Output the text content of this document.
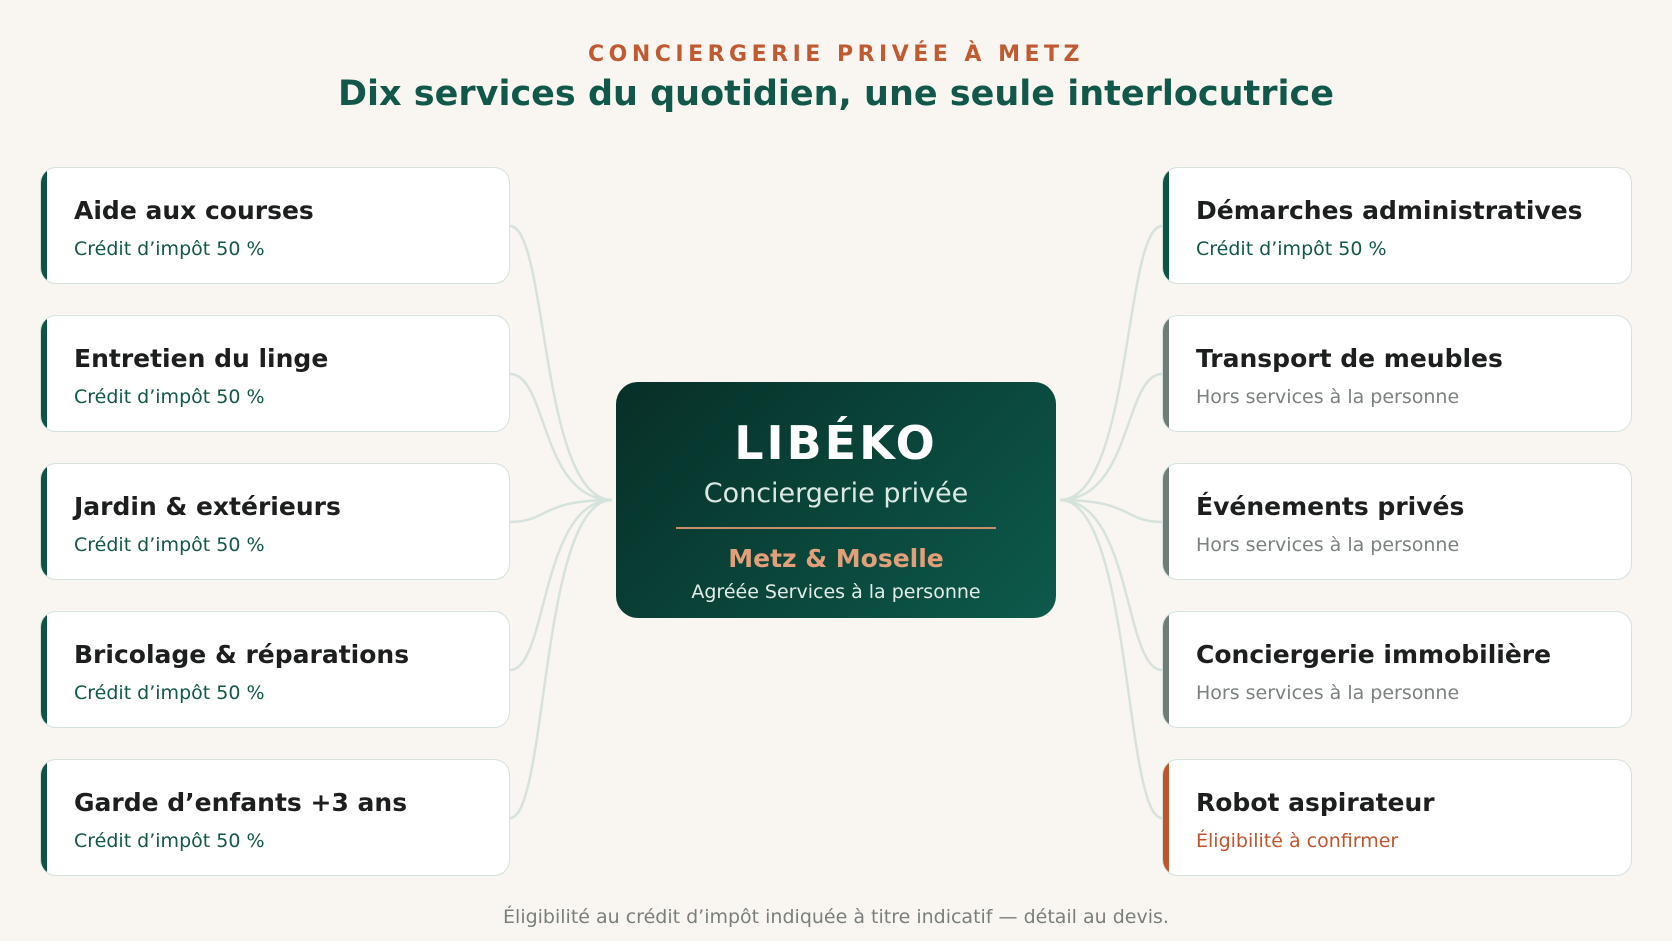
CONCIERGERIE PRIVÉE À METZ
Dix services du quotidien, une seule interlocutrice
Aide aux courses
Crédit d’impôt 50 %
Entretien du linge
Crédit d’impôt 50 %
Jardin & extérieurs
Crédit d’impôt 50 %
Bricolage & réparations
Crédit d’impôt 50 %
Garde d’enfants +3 ans
Crédit d’impôt 50 %
Démarches administratives
Crédit d’impôt 50 %
Transport de meubles
Hors services à la personne
Événements privés
Hors services à la personne
Conciergerie immobilière
Hors services à la personne
Robot aspirateur
Éligibilité à confirmer
LIBÉKO
Conciergerie privée
Metz & Moselle
Agréée Services à la personne
Éligibilité au crédit d’impôt indiquée à titre indicatif — détail au devis.
